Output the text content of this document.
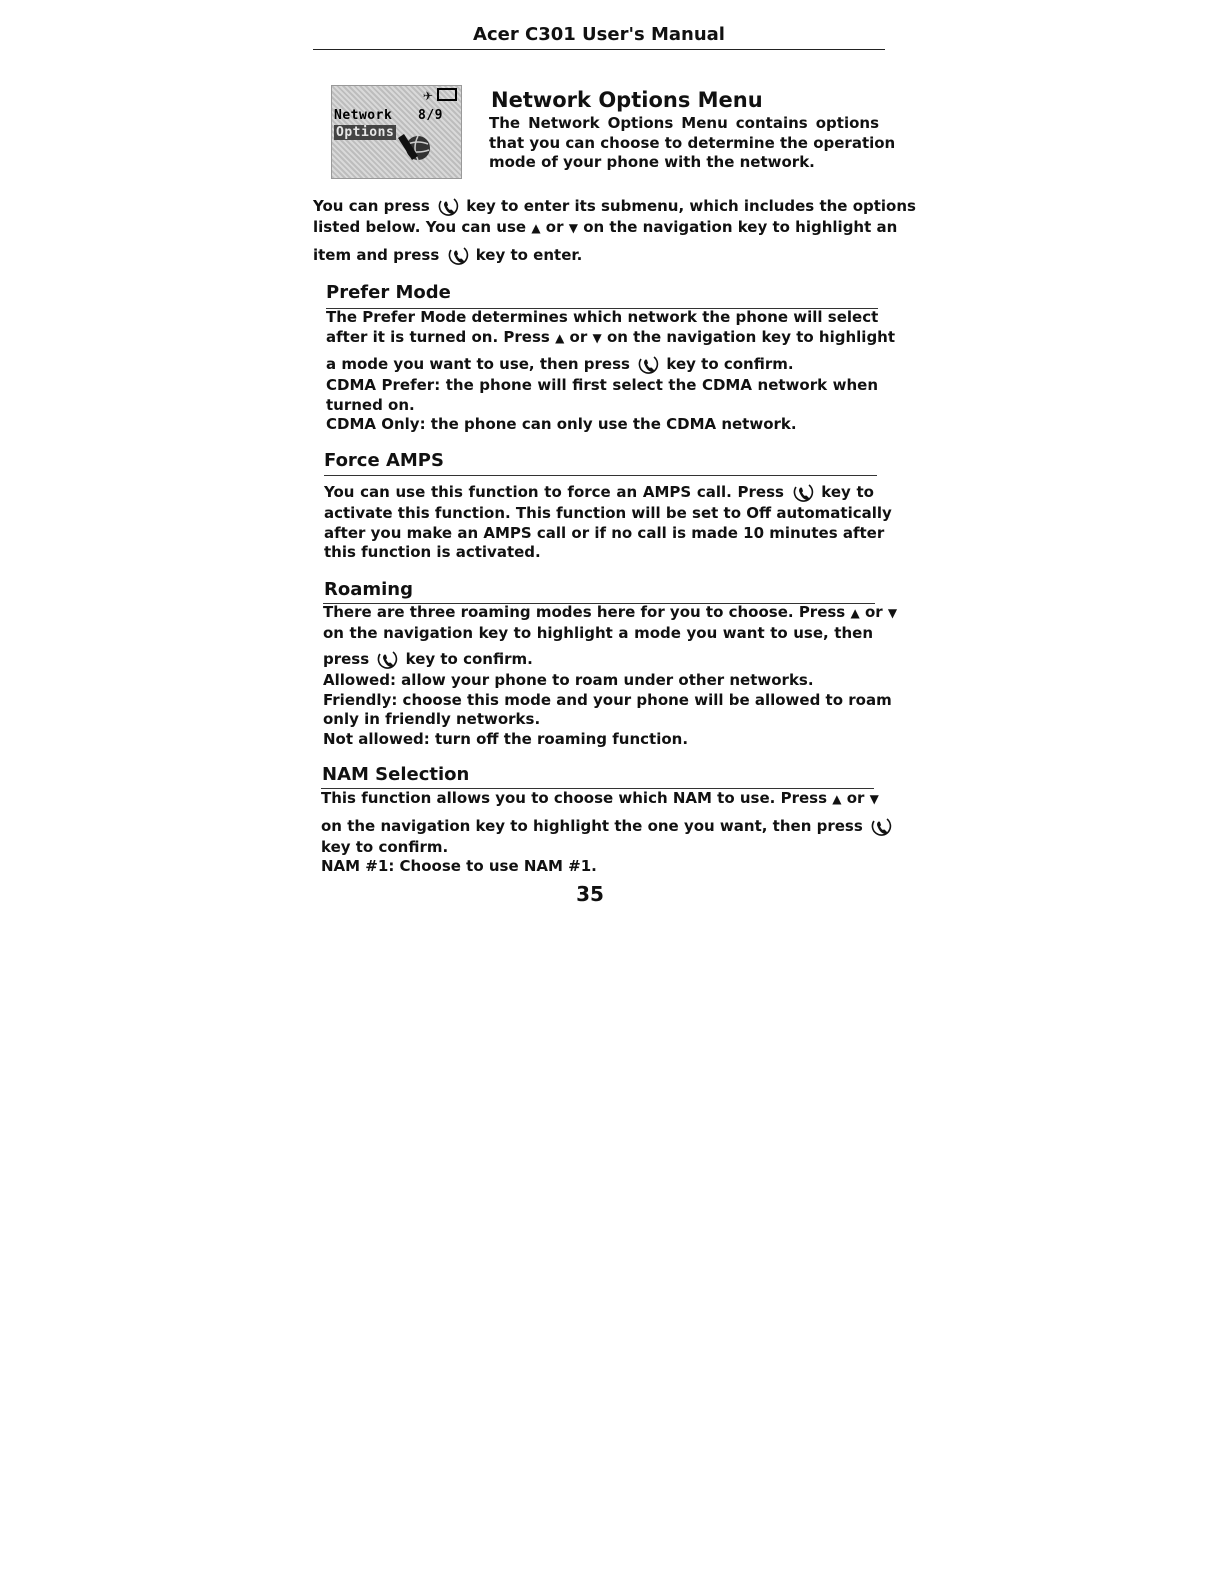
Acer C301 User's Manual
✈
Network 8/9
Options
Network Options Menu
The Network Options Menu contains options
that you can choose to determine the operation
mode of your phone with the network.
You can press key to enter its submenu, which includes the options
listed below. You can use ▲ or ▼ on the navigation key to highlight an
item and press key to enter.
Prefer Mode
The Prefer Mode determines which network the phone will select
after it is turned on. Press ▲ or ▼ on the navigation key to highlight
a mode you want to use, then press key to confirm.
CDMA Prefer: the phone will first select the CDMA network when
turned on.
CDMA Only: the phone can only use the CDMA network.
Force AMPS
You can use this function to force an AMPS call. Press key to
activate this function. This function will be set to Off automatically
after you make an AMPS call or if no call is made 10 minutes after
this function is activated.
Roaming
There are three roaming modes here for you to choose. Press ▲ or ▼
on the navigation key to highlight a mode you want to use, then
press key to confirm.
Allowed: allow your phone to roam under other networks.
Friendly: choose this mode and your phone will be allowed to roam
only in friendly networks.
Not allowed: turn off the roaming function.
NAM Selection
This function allows you to choose which NAM to use. Press ▲ or ▼
on the navigation key to highlight the one you want, then press
key to confirm.
NAM #1: Choose to use NAM #1.
35
